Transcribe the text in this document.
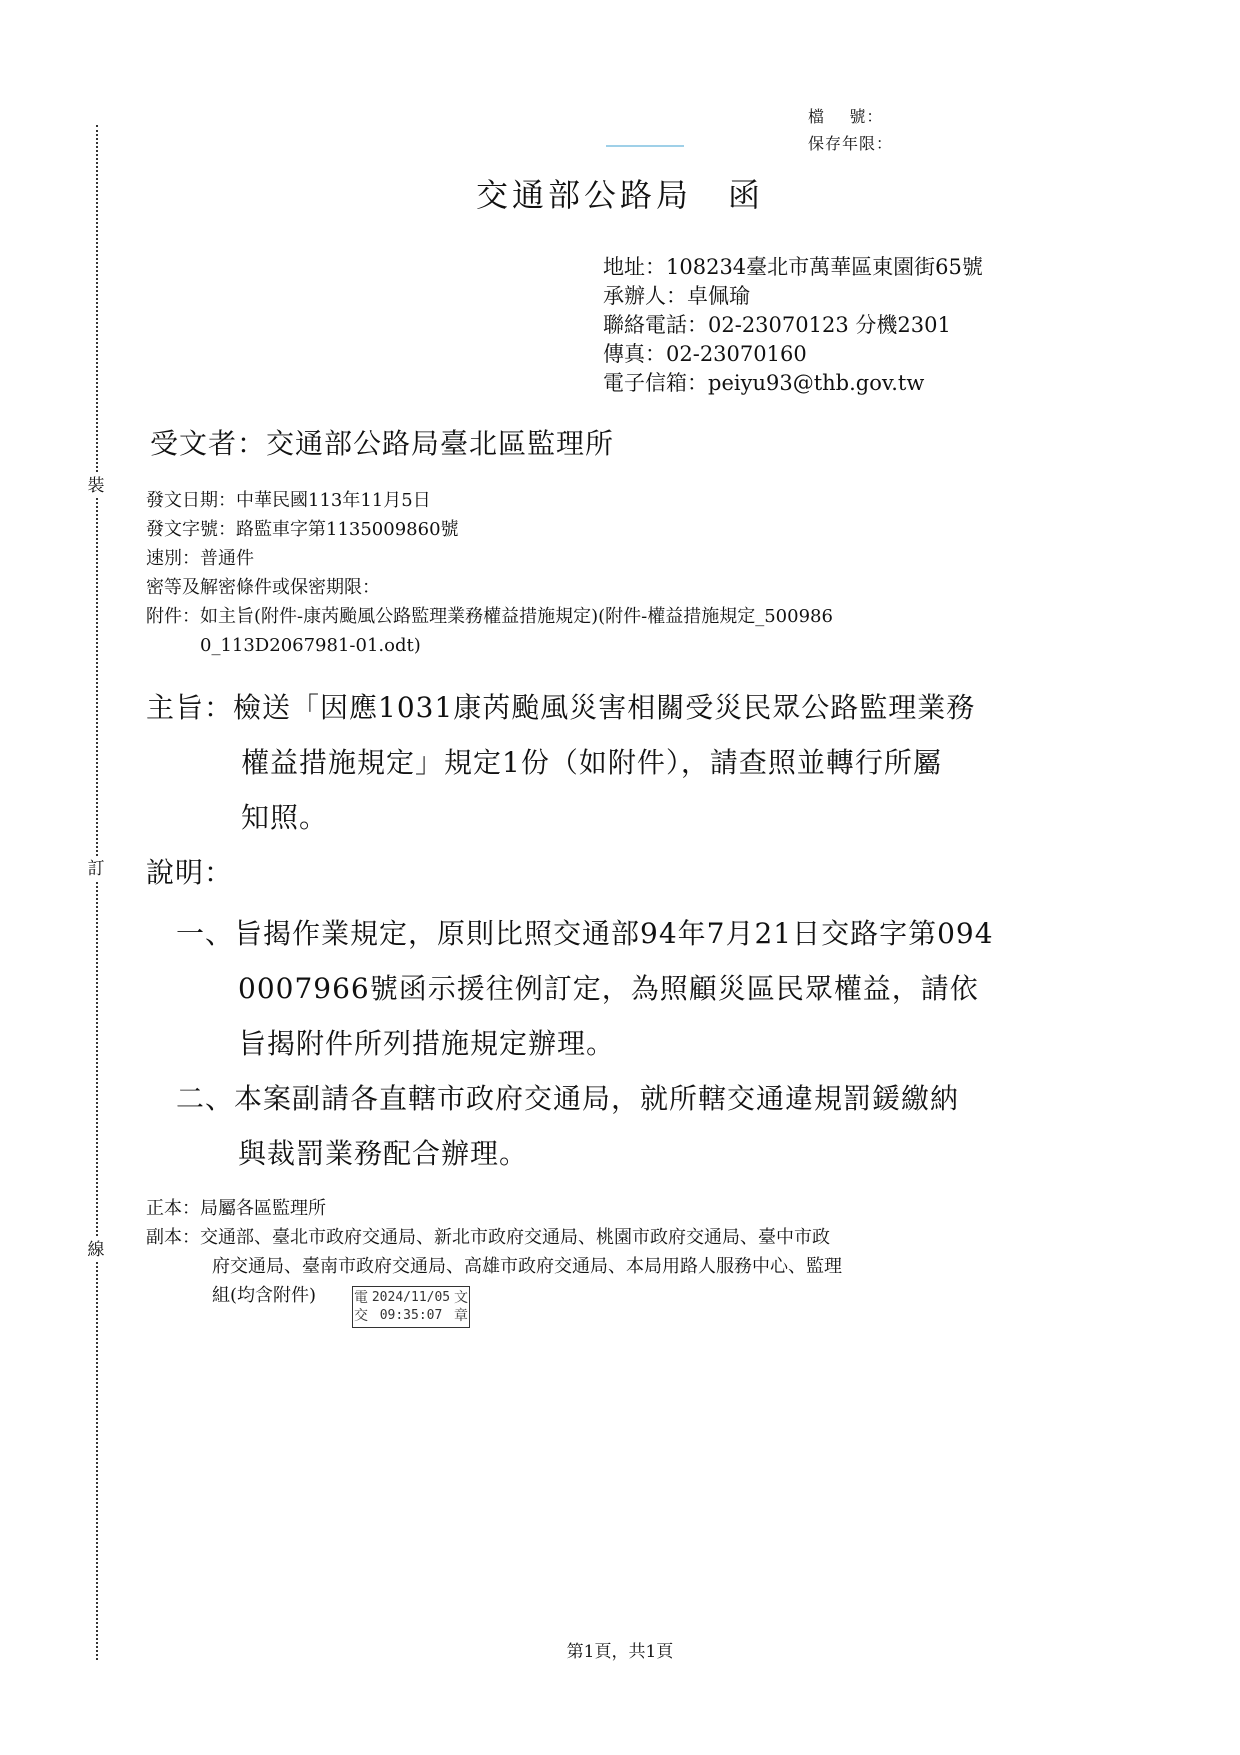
裝
訂
線
檔    號：
保存年限：
交通部公路局 函
地址：108234臺北市萬華區東園街65號
承辦人：卓佩瑜
聯絡電話：02-23070123 分機2301
傳真：02-23070160
電子信箱：peiyu93@thb.gov.tw
受文者：交通部公路局臺北區監理所
發文日期：中華民國113年11月5日
發文字號：路監車字第1135009860號
速別：普通件
密等及解密條件或保密期限：
附件：如主旨(附件-康芮颱風公路監理業務權益措施規定)(附件-權益措施規定_500986
0_113D2067981-01.odt)
主旨：檢送「因應1031康芮颱風災害相關受災民眾公路監理業務
權益措施規定」規定1份（如附件），請查照並轉行所屬
知照。
說明：
一、旨揭作業規定，原則比照交通部94年7月21日交路字第094
0007966號函示援往例訂定，為照顧災區民眾權益，請依
旨揭附件所列措施規定辦理。
二、本案副請各直轄市政府交通局，就所轄交通違規罰鍰繳納
與裁罰業務配合辦理。
正本：局屬各區監理所
副本：交通部、臺北市政府交通局、新北市政府交通局、桃園市政府交通局、臺中市政
府交通局、臺南市政府交通局、高雄市政府交通局、本局用路人服務中心、監理
組(均含附件)	電
交
2024/11/05
09:35:07
文
章
第1頁，共1頁
